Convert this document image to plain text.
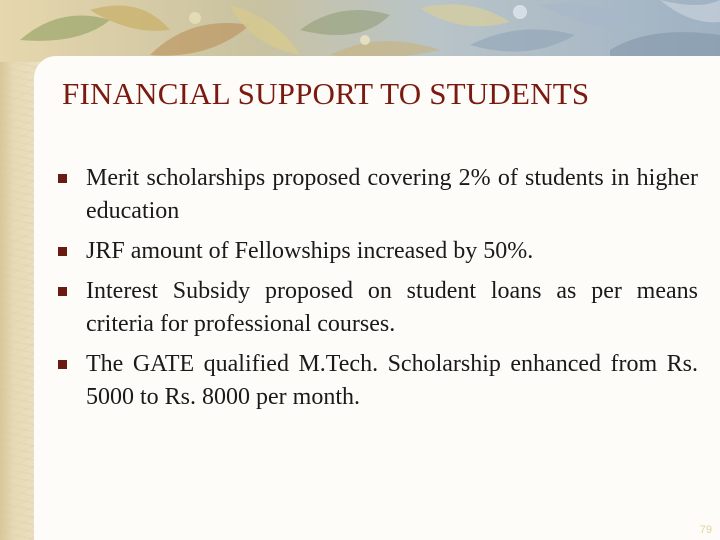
FINANCIAL SUPPORT TO STUDENTS
Merit scholarships proposed covering 2% of students in higher education
JRF amount of Fellowships increased by 50%.
Interest Subsidy proposed on student loans as per means criteria for professional courses.
The GATE qualified M.Tech. Scholarship enhanced from Rs. 5000 to Rs. 8000 per month.
79
